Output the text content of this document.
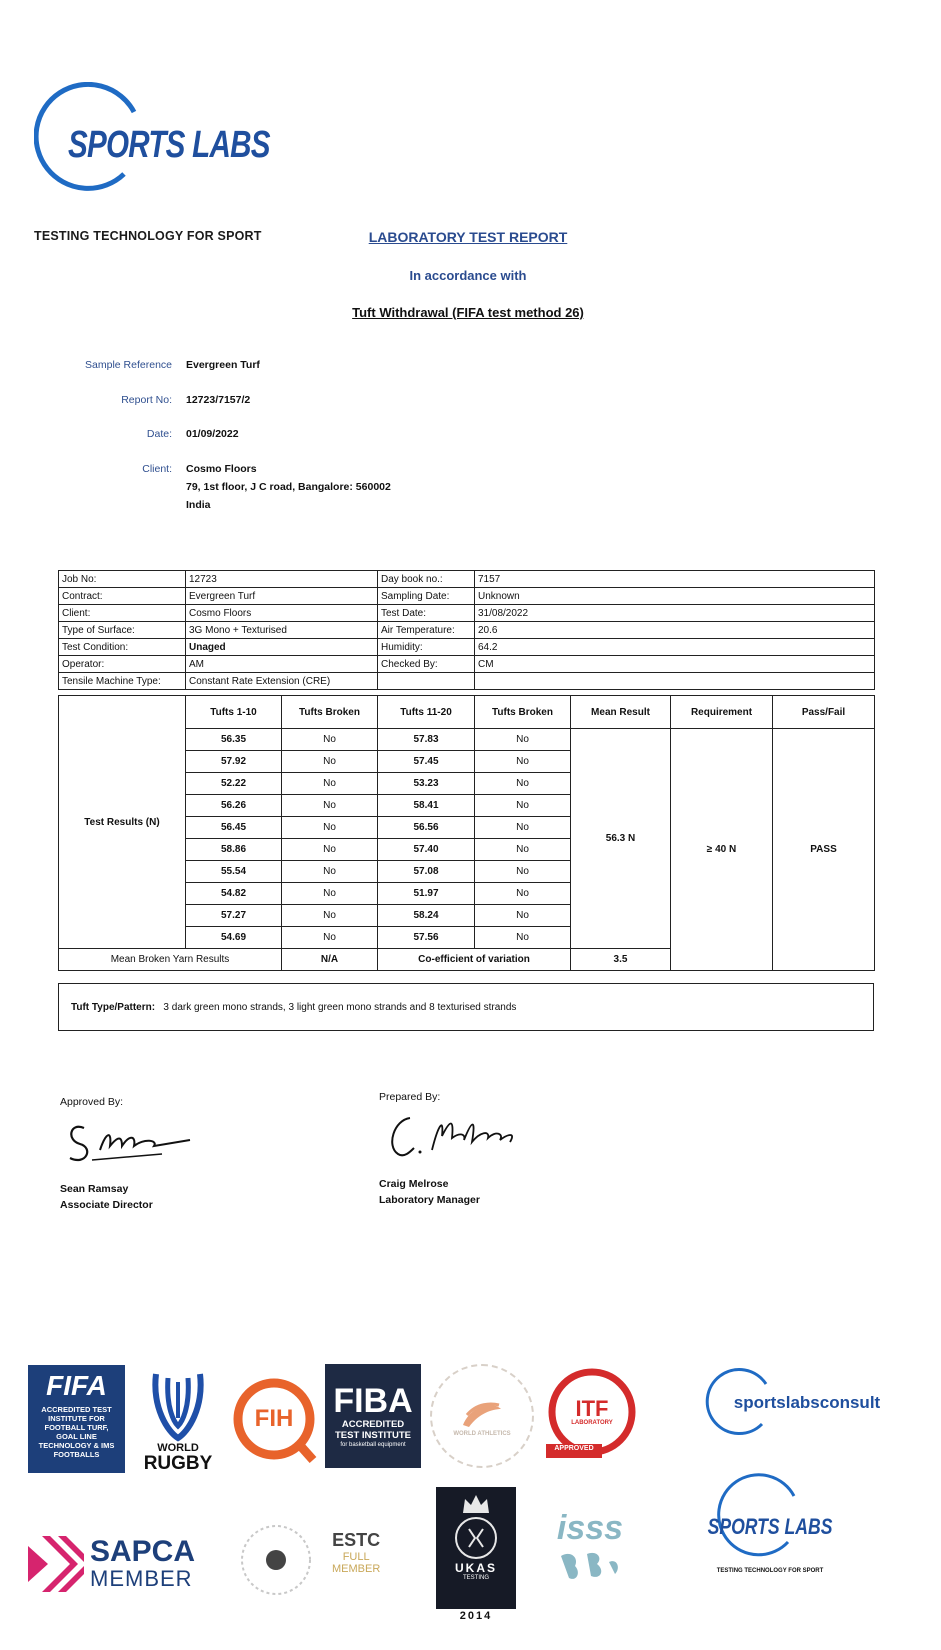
SPORTS LABS
TESTING TECHNOLOGY FOR SPORT	LABORATORY TEST REPORT
In accordance with
Tuft Withdrawal (FIFA test method 26)
Sample Reference Evergreen Turf
Report No: 12723/7157/2
Date: 01/09/2022
Client: Cosmo Floors
79, 1st floor, J C road, Bangalore: 560002
India
Job No:	12723	Day book no.:	7157
Contract:	Evergreen Turf	Sampling Date:	Unknown
Client:	Cosmo Floors	Test Date:	31/08/2022
Type of Surface:	3G Mono + Texturised	Air Temperature:	20.6
Test Condition:	Unaged	Humidity:	64.2
Operator:	AM	Checked By:	CM
Tensile Machine Type:	Constant Rate Extension (CRE)		
Test Results (N)	Tufts 1-10	Tufts Broken	Tufts 11-20	Tufts Broken	Mean Result	Requirement	Pass/Fail
	56.35	No	57.83	No	56.3 N	≥ 40 N	PASS
	57.92	No	57.45	No			
	52.22	No	53.23	No			
	56.26	No	58.41	No			
	56.45	No	56.56	No			
	58.86	No	57.40	No			
	55.54	No	57.08	No			
	54.82	No	51.97	No			
	57.27	No	58.24	No			
	54.69	No	57.56	No			
Mean Broken Yarn Results		N/A	Co-efficient of variation		3.5		
Tuft Type/Pattern: 3 dark green mono strands, 3 light green mono strands and 8 texturised strands
Approved By:
Sean Ramsay
Associate Director
Prepared By:
Craig Melrose
Laboratory Manager
FIFA
ACCREDITED TEST INSTITUTE FOR FOOTBALL TURF, GOAL LINE TECHNOLOGY & IMS FOOTBALLS
WORLD
RUGBY
FIH FIBA
ACCREDITED
TEST INSTITUTE
for basketball equipment
WORLD ATHLETICS
ITF
LABORATORY
APPROVED
sportslabsconsult
SAPCA
MEMBER
ESTC
FULL
MEMBER	UKAS
TESTING
2014
isss	SPORTS LABS
TESTING TECHNOLOGY FOR SPORT
